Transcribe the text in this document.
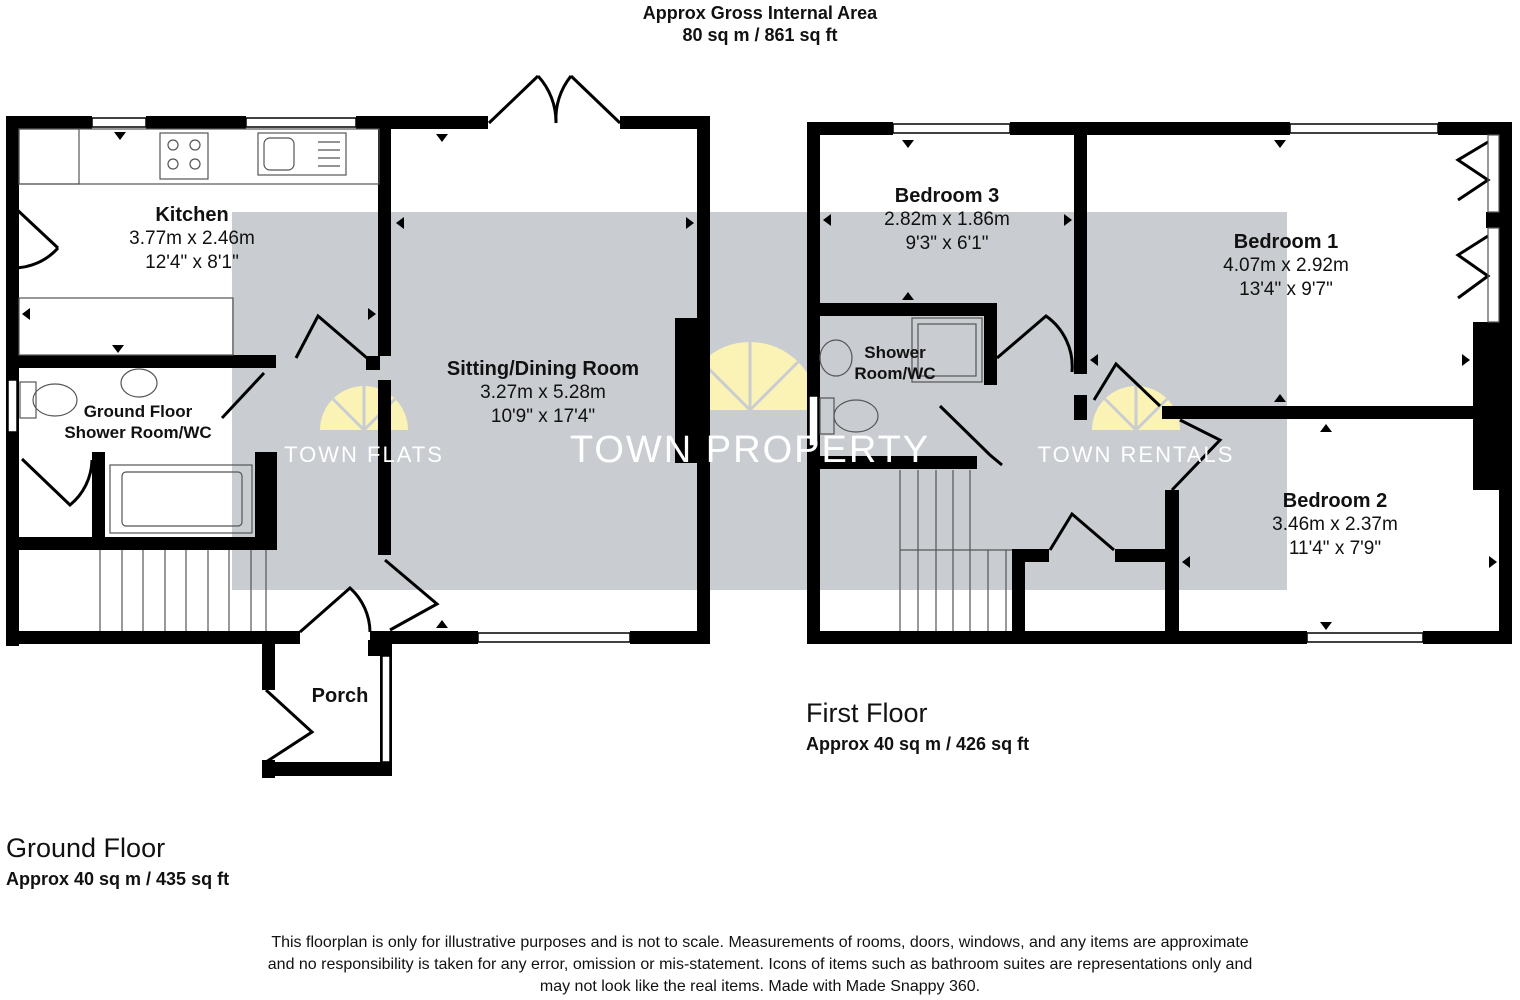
TOWN FLATS	TOWN PROPERTY	TOWN RENTALS
Approx Gross Internal Area
80 sq m / 861 sq ft
Kitchen
3.77m x 2.46m
12'4" x 8'1"
Sitting/Dining Room
3.27m x 5.28m
10'9" x 17'4"
Ground Floor
Shower Room/WC
Porch
Bedroom 3
2.82m x 1.86m
9'3" x 6'1"	Bedroom 1
4.07m x 2.92m
13'4" x 9'7"
Bedroom 2
3.46m x 2.37m
11'4" x 7'9"
Shower
Room/WC
First Floor
Approx 40 sq m / 426 sq ft
Ground Floor
Approx 40 sq m / 435 sq ft
This floorplan is only for illustrative purposes and is not to scale. Measurements of rooms, doors, windows, and any items are approximate
and no responsibility is taken for any error, omission or mis-statement. Icons of items such as bathroom suites are representations only and
may not look like the real items. Made with Made Snappy 360.
